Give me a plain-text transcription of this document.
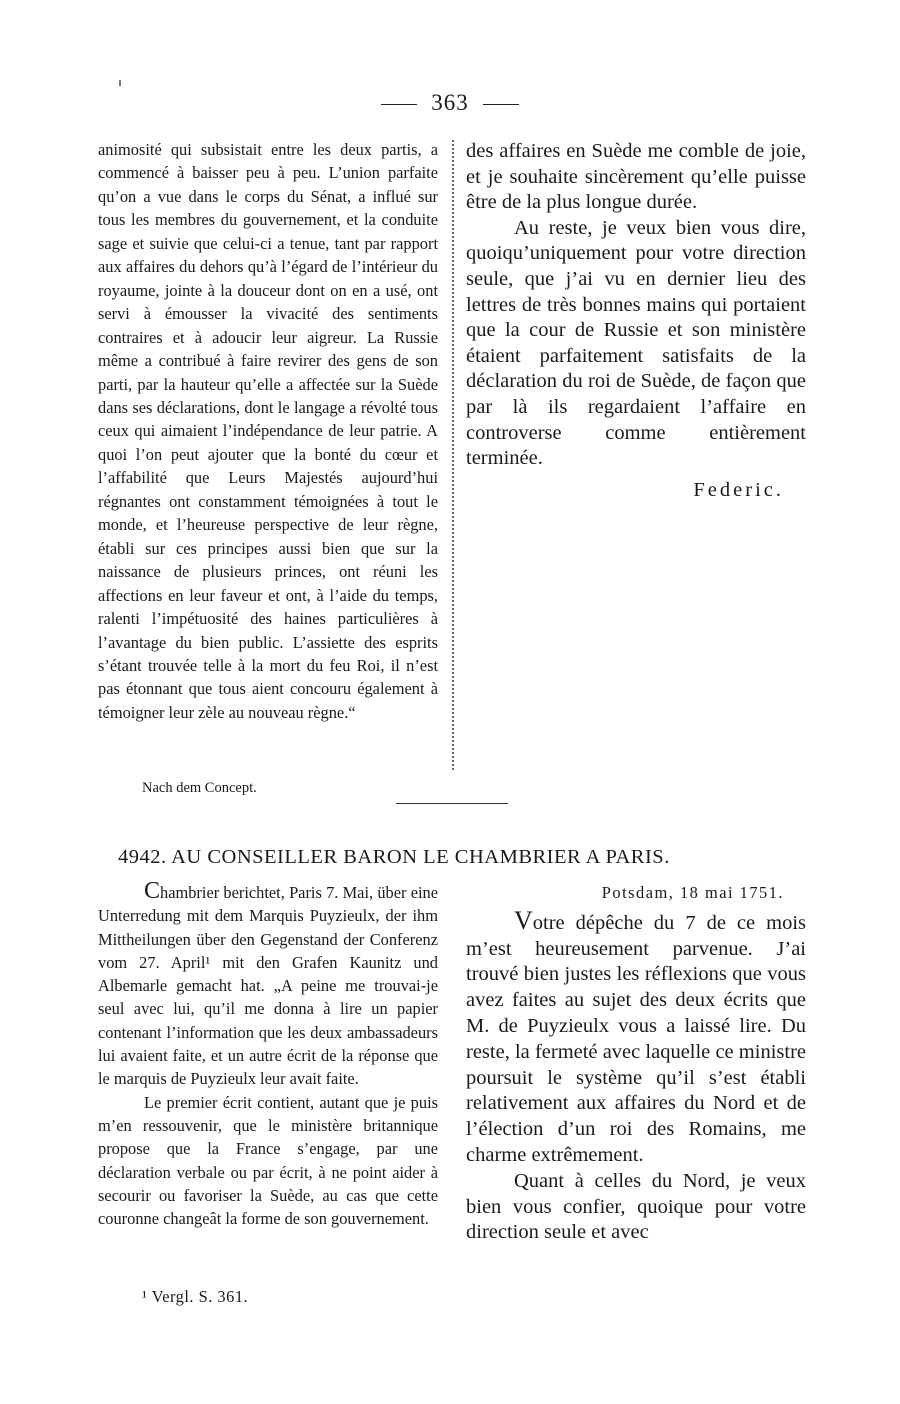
363

animosité qui subsistait entre les deux partis, a commencé à baisser peu à peu. L’union parfaite qu’on a vue dans le corps du Sénat, a influé sur tous les membres du gouvernement, et la conduite sage et suivie que celui-ci a tenue, tant par rapport aux affaires du dehors qu’à l’égard de l’intérieur du royaume, jointe à la douceur dont on en a usé, ont servi à émousser la vivacité des sentiments contraires et à adoucir leur aigreur. La Russie même a contribué à faire revirer des gens de son parti, par la hauteur qu’elle a affectée sur la Suède dans ses déclarations, dont le langage a révolté tous ceux qui aimaient l’indépendance de leur patrie. A quoi l’on peut ajouter que la bonté du cœur et l’affabilité que Leurs Majestés aujourd’hui régnantes ont constamment témoignées à tout le monde, et l’heureuse perspective de leur règne, établi sur ces principes aussi bien que sur la naissance de plusieurs princes, ont réuni les affections en leur faveur et ont, à l’aide du temps, ralenti l’impétuosité des haines particulières à l’avantage du bien public. L’assiette des esprits s’étant trouvée telle à la mort du feu Roi, il n’est pas étonnant que tous aient concouru également à témoigner leur zèle au nouveau règne.“

des affaires en Suède me comble de joie, et je souhaite sincèrement qu’elle puisse être de la plus longue durée.

Au reste, je veux bien vous dire, quoiqu’uniquement pour votre direction seule, que j’ai vu en dernier lieu des lettres de très bonnes mains qui portaient que la cour de Russie et son ministère étaient parfaitement satisfaits de la déclaration du roi de Suède, de façon que par là ils regardaient l’affaire en controverse comme entièrement terminée.

Federic.
Nach dem Concept.
4942. AU CONSEILLER BARON LE CHAMBRIER A PARIS.

Chambrier berichtet, Paris 7. Mai, über eine Unterredung mit dem Marquis Puyzieulx, der ihm Mittheilungen über den Gegenstand der Conferenz vom 27. April¹ mit den Grafen Kaunitz und Albemarle gemacht hat. „A peine me trouvai-je seul avec lui, qu’il me donna à lire un papier contenant l’information que les deux ambassadeurs lui avaient faite, et un autre écrit de la réponse que le marquis de Puyzieulx leur avait faite.

Le premier écrit contient, autant que je puis m’en ressouvenir, que le ministère britannique propose que la France s’engage, par une déclaration verbale ou par écrit, à ne point aider à secourir ou favoriser la Suède, au cas que cette couronne changeât la forme de son gouvernement.

Potsdam, 18 mai 1751.

Votre dépêche du 7 de ce mois m’est heureusement parvenue. J’ai trouvé bien justes les réflexions que vous avez faites au sujet des deux écrits que M. de Puyzieulx vous a laissé lire. Du reste, la fermeté avec laquelle ce ministre poursuit le système qu’il s’est établi relativement aux affaires du Nord et de l’élection d’un roi des Romains, me charme extrêmement.

Quant à celles du Nord, je veux bien vous confier, quoique pour votre direction seule et avec

¹ Vergl. S. 361.
